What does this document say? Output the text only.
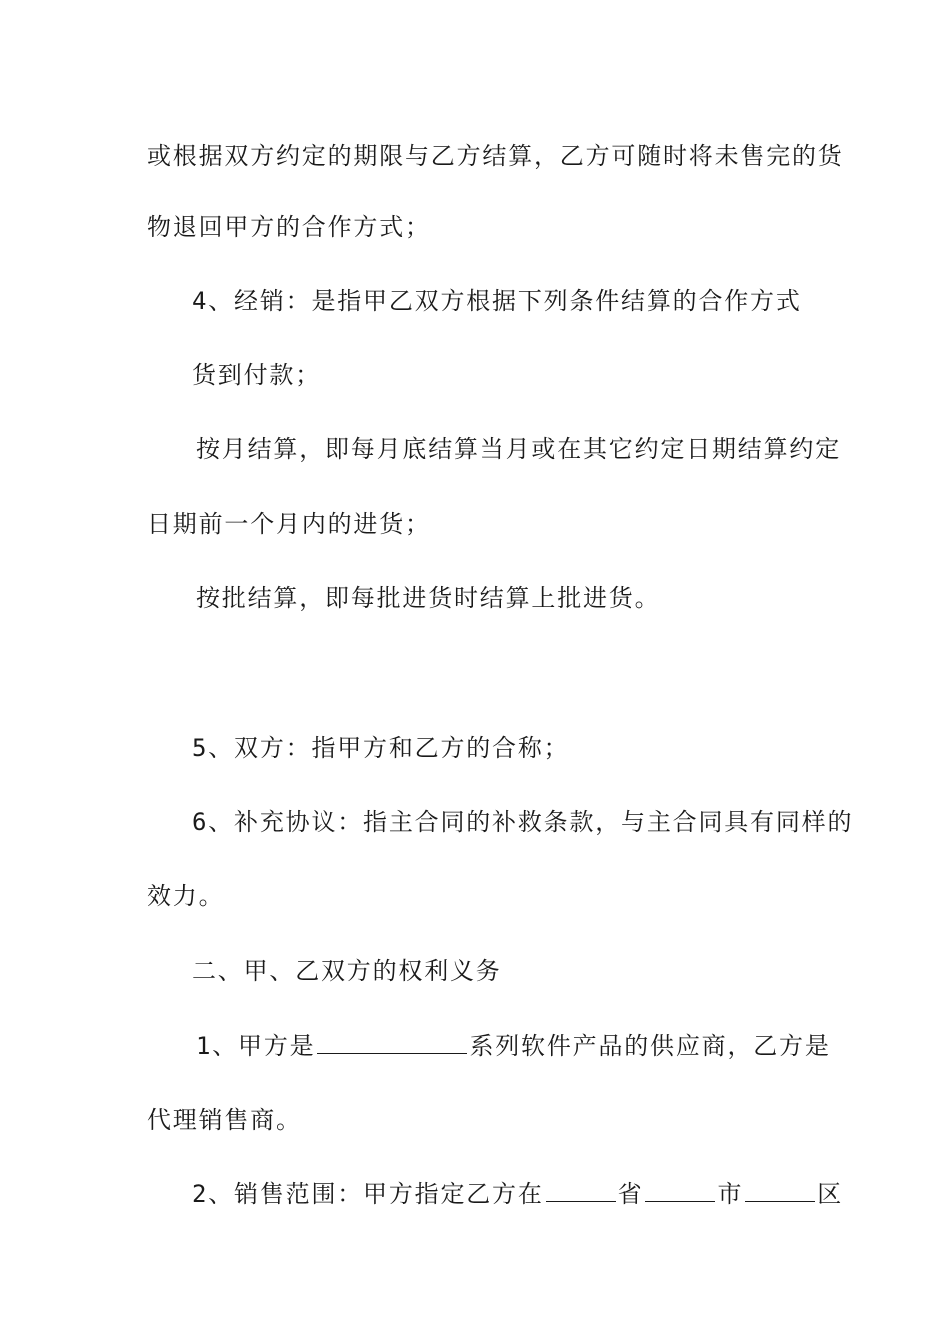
或根据双方约定的期限与乙方结算，乙方可随时将未售完的货
物退回甲方的合作方式；
4、经销：是指甲乙双方根据下列条件结算的合作方式
货到付款；
按月结算，即每月底结算当月或在其它约定日期结算约定
日期前一个月内的进货；
按批结算，即每批进货时结算上批进货。
5、双方：指甲方和乙方的合称；
6、补充协议：指主合同的补救条款，与主合同具有同样的
效力。
二、甲、乙双方的权利义务
1、甲方是	系列软件产品的供应商，乙方是
代理销售商。
2、销售范围：甲方指定乙方在	省	市	区
